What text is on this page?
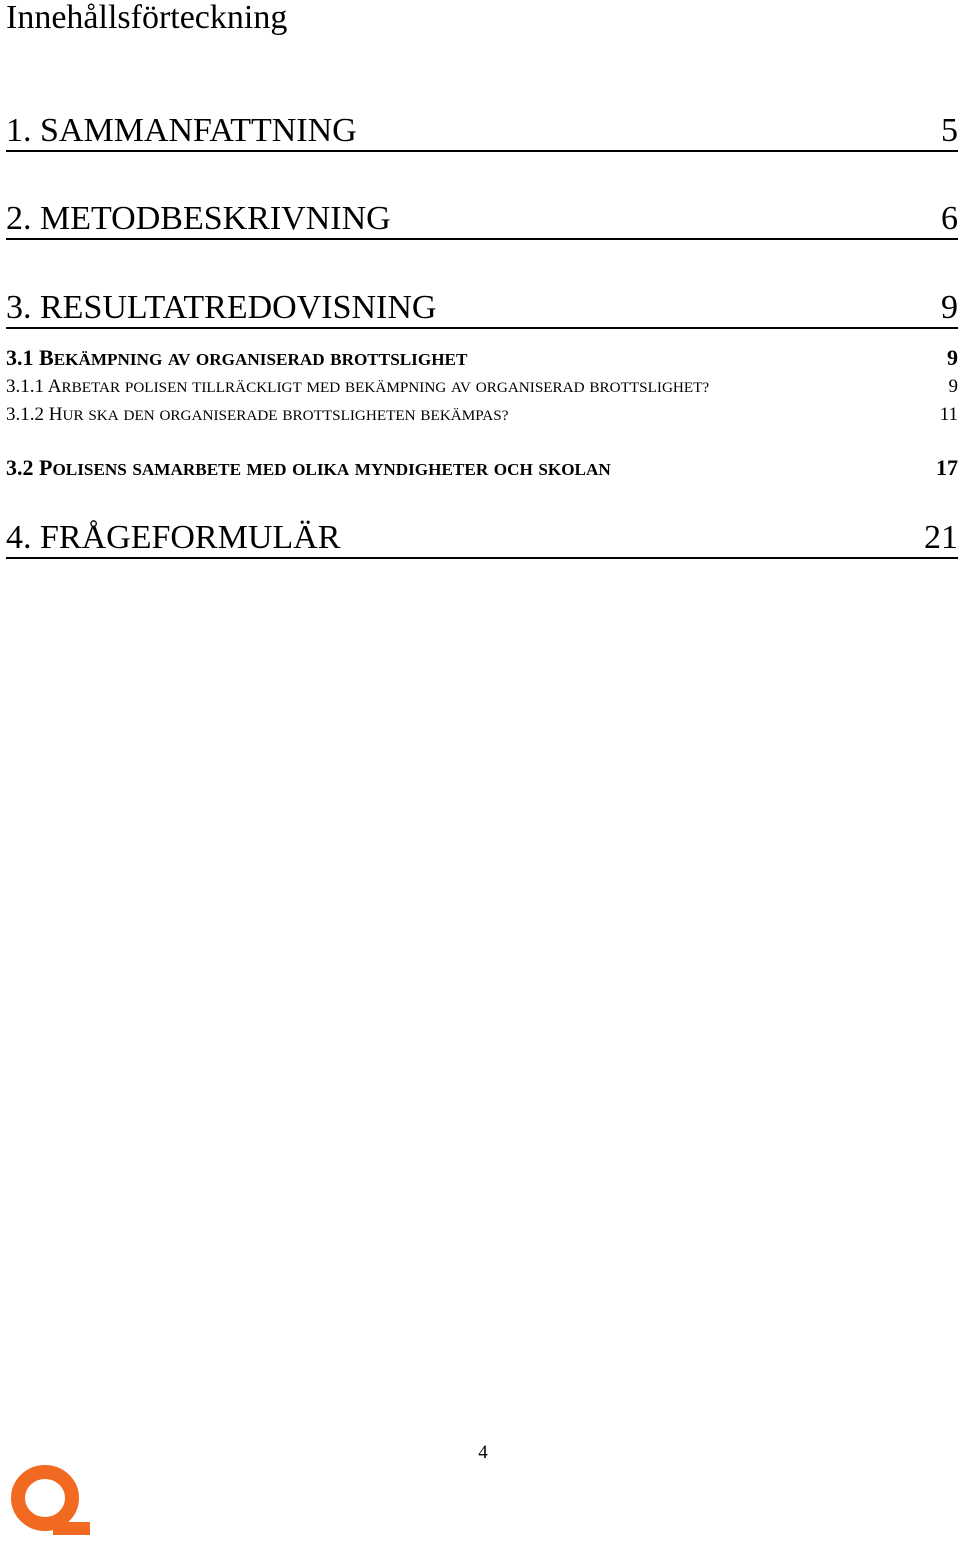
Innehållsförteckning
1. SAMMANFATTNING	5
2. METODBESKRIVNING	6
3. RESULTATREDOVISNING	9
3.1 BEKÄMPNING AV ORGANISERAD BROTTSLIGHET	9
3.1.1 ARBETAR POLISEN TILLRÄCKLIGT MED BEKÄMPNING AV ORGANISERAD BROTTSLIGHET?	9
3.1.2 HUR SKA DEN ORGANISERADE BROTTSLIGHETEN BEKÄMPAS?	11
3.2 POLISENS SAMARBETE MED OLIKA MYNDIGHETER OCH SKOLAN	17
4. FRÅGEFORMULÄR	21
4
